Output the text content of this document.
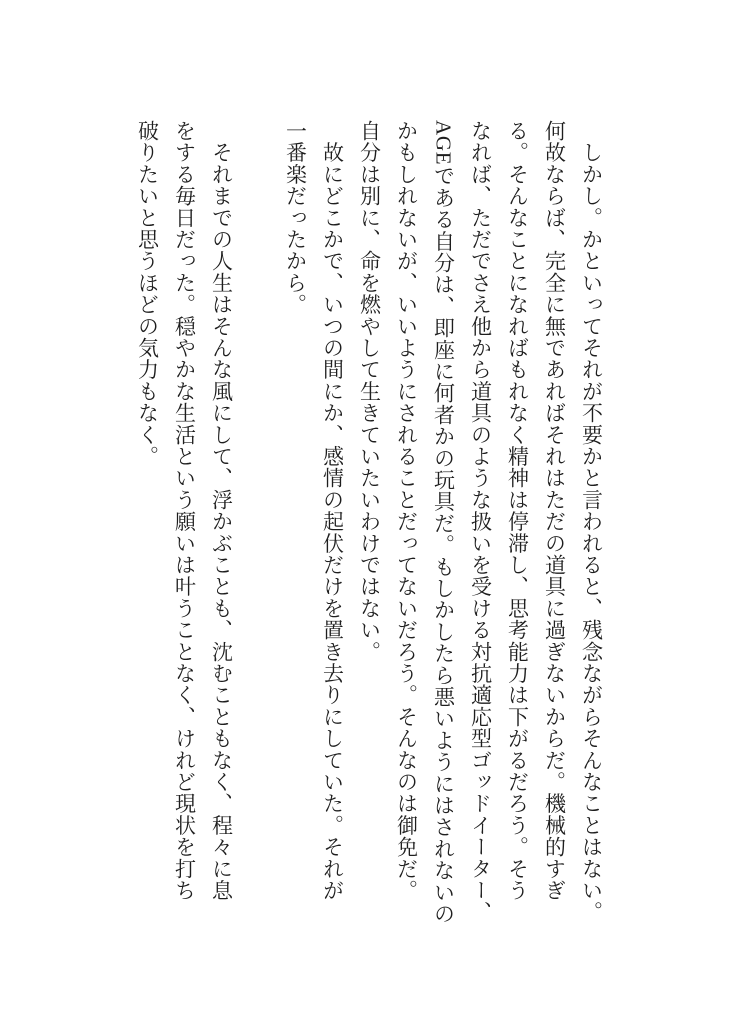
　しかし。かといってそれが不要かと言われると、残念ながらそんなことはない。

何故ならば、完全に無であればそれはただの道具に過ぎないからだ。機械的すぎ

る。そんなことになればもれなく精神は停滞し、思考能力は下がるだろう。そう

なれば、ただでさえ他から道具のような扱いを受ける対抗適応型ゴッドイーター、

AGEである自分は、即座に何者かの玩具だ。もしかしたら悪いようにはされないの

かもしれないが、いいようにされることだってないだろう。そんなのは御免だ。

自分は別に、命を燃やして生きていたいわけではない。

　故にどこかで、いつの間にか、感情の起伏だけを置き去りにしていた。それが

一番楽だったから。

　それまでの人生はそんな風にして、浮かぶことも、沈むこともなく、程々に息

をする毎日だった。穏やかな生活という願いは叶うことなく、けれど現状を打ち

破りたいと思うほどの気力もなく。
